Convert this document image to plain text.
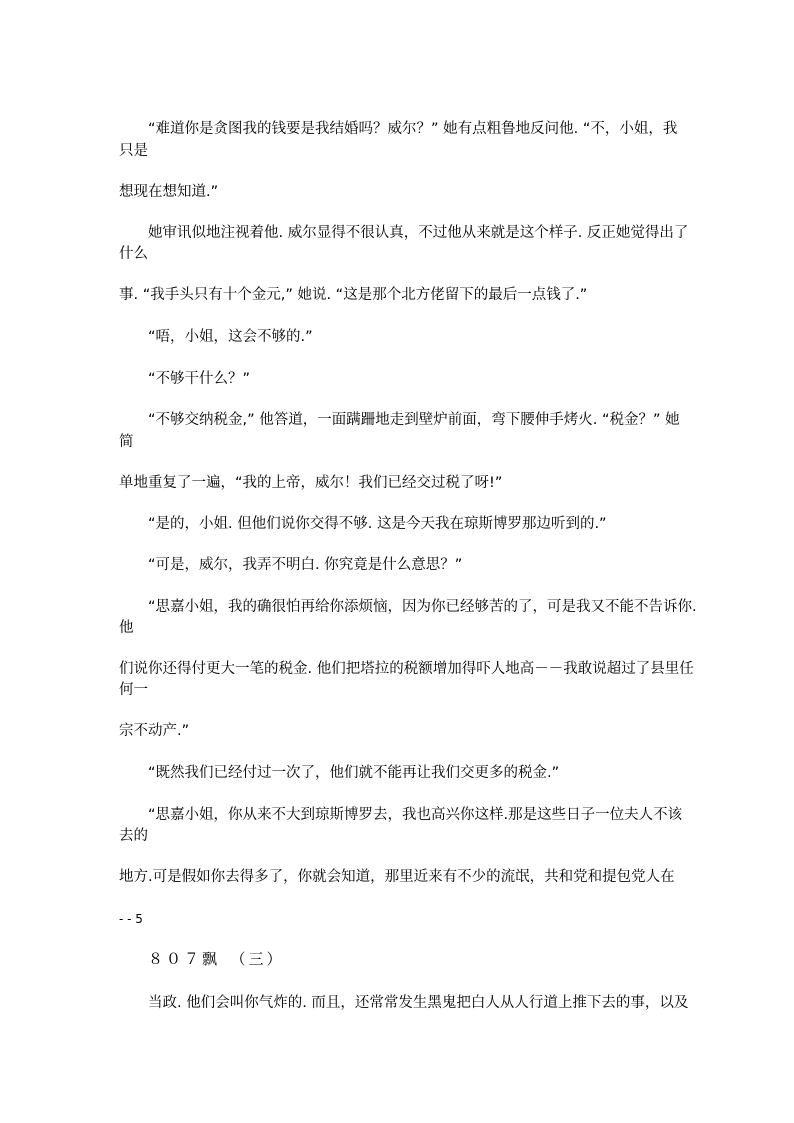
“难道你是贪图我的钱要是我结婚吗？威尔？” 她有点粗鲁地反问他. “不，小姐，我
只是
想现在想知道.”
她审讯似地注视着他. 威尔显得不很认真，不过他从来就是这个样子. 反正她觉得出了
什么
事. “我手头只有十个金元,” 她说. “这是那个北方佬留下的最后一点钱了.”
“唔，小姐，这会不够的.”
“不够干什么？”
“不够交纳税金,” 他答道，一面蹒跚地走到壁炉前面，弯下腰伸手烤火. “税金？” 她
简
单地重复了一遍，“我的上帝，威尔！我们已经交过税了呀!”
“是的，小姐. 但他们说你交得不够. 这是今天我在琼斯博罗那边听到的.”
“可是，威尔，我弄不明白. 你究竟是什么意思？”
“思嘉小姐，我的确很怕再给你添烦恼，因为你已经够苦的了，可是我又不能不告诉你.
他
们说你还得付更大一笔的税金. 他们把塔拉的税额增加得吓人地高－－我敢说超过了县里任
何一
宗不动产.”
“既然我们已经付过一次了，他们就不能再让我们交更多的税金.”
“思嘉小姐，你从来不大到琼斯博罗去，我也高兴你这样.那是这些日子一位夫人不该
去的
地方.可是假如你去得多了，你就会知道，那里近来有不少的流氓，共和党和提包党人在
- - 5
８０７飘　（三）
当政. 他们会叫你气炸的. 而且，还常常发生黑鬼把白人从人行道上推下去的事，以及
